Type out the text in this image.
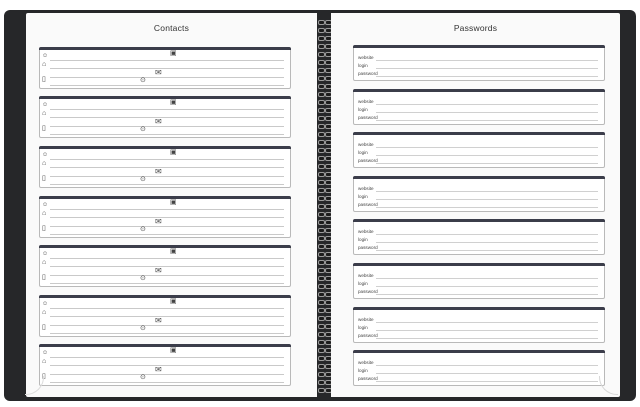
Contacts
☺
⌂
▣
✉
▯	⊙
☺
⌂
▣
✉
▯	⊙
☺
⌂
▣
✉
▯	⊙
☺
⌂
▣
✉
▯	⊙
☺
⌂
▣
✉
▯	⊙
☺
⌂
▣
✉
▯	⊙
☺
⌂
▣
✉
▯	⊙
Passwords
website
login
password
website
login
password
website
login
password
website
login
password
website
login
password
website
login
password
website
login
password
website
login
password
